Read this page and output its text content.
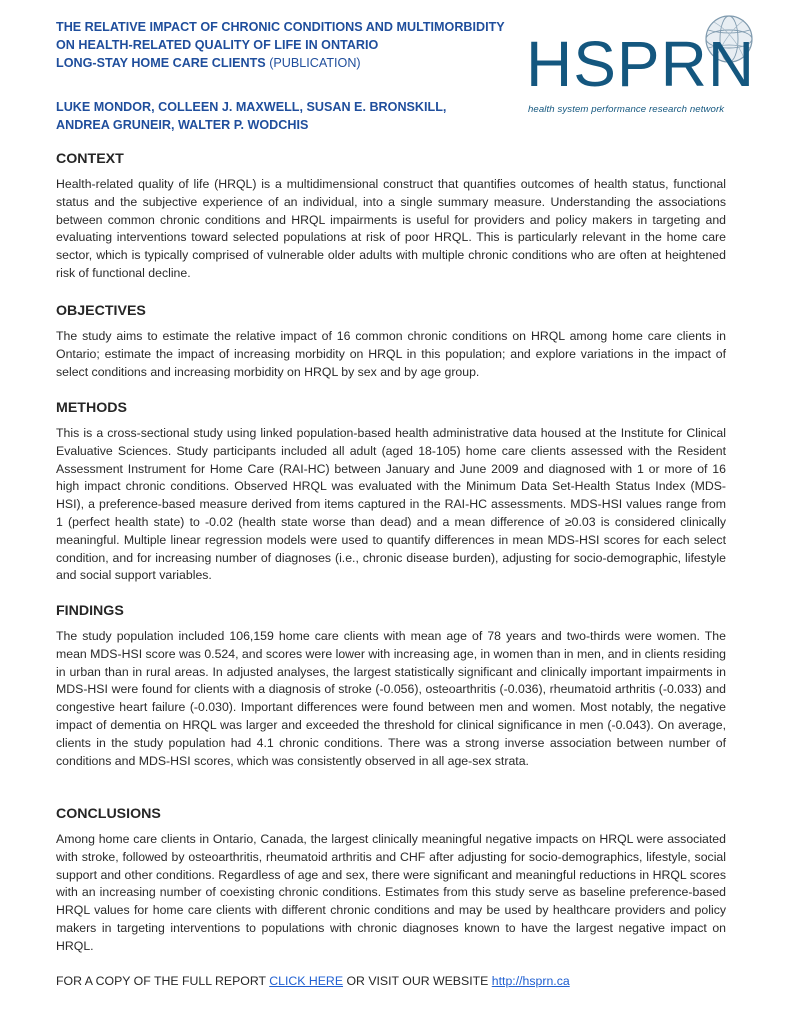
THE RELATIVE IMPACT OF CHRONIC CONDITIONS AND MULTIMORBIDITY
ON HEALTH-RELATED QUALITY OF LIFE IN ONTARIO
LONG-STAY HOME CARE CLIENTS (PUBLICATION)
LUKE MONDOR, COLLEEN J. MAXWELL, SUSAN E. BRONSKILL,
ANDREA GRUNEIR, WALTER P. WODCHIS
HSPRN
health system performance research network
CONTEXT

Health-related quality of life (HRQL) is a multidimensional construct that quantifies outcomes of health status, functional status and the subjective experience of an individual, into a single summary measure. Understanding the associations between common chronic conditions and HRQL impairments is useful for providers and policy makers in targeting and evaluating interventions toward selected populations at risk of poor HRQL. This is particularly relevant in the home care sector, which is typically comprised of vulnerable older adults with multiple chronic conditions who are often at heightened risk of functional decline.

OBJECTIVES

The study aims to estimate the relative impact of 16 common chronic conditions on HRQL among home care clients in Ontario; estimate the impact of increasing morbidity on HRQL in this population; and explore variations in the impact of select conditions and increasing morbidity on HRQL by sex and by age group.

METHODS

This is a cross-sectional study using linked population-based health administrative data housed at the Institute for Clinical Evaluative Sciences. Study participants included all adult (aged 18-105) home care clients assessed with the Resident Assessment Instrument for Home Care (RAI-HC) between January and June 2009 and diagnosed with 1 or more of 16 high impact chronic conditions. Observed HRQL was evaluated with the Minimum Data Set-Health Status Index (MDS-HSI), a preference-based measure derived from items captured in the RAI-HC assessments. MDS-HSI values range from 1 (perfect health state) to -0.02 (health state worse than dead) and a mean difference of ≥0.03 is considered clinically meaningful. Multiple linear regression models were used to quantify differences in mean MDS-HSI scores for each select condition, and for increasing number of diagnoses (i.e., chronic disease burden), adjusting for socio-demographic, lifestyle and social support variables.

FINDINGS

The study population included 106,159 home care clients with mean age of 78 years and two-thirds were women. The mean MDS-HSI score was 0.524, and scores were lower with increasing age, in women than in men, and in clients residing in urban than in rural areas. In adjusted analyses, the largest statistically significant and clinically important impairments in MDS-HSI were found for clients with a diagnosis of stroke (-0.056), osteoarthritis (-0.036), rheumatoid arthritis (-0.033) and congestive heart failure (-0.030). Important differences were found between men and women. Most notably, the negative impact of dementia on HRQL was larger and exceeded the threshold for clinical significance in men (-0.043). On average, clients in the study population had 4.1 chronic conditions. There was a strong inverse association between number of conditions and MDS-HSI scores, which was consistently observed in all age-sex strata.

CONCLUSIONS

Among home care clients in Ontario, Canada, the largest clinically meaningful negative impacts on HRQL were associated with stroke, followed by osteoarthritis, rheumatoid arthritis and CHF after adjusting for socio-demographics, lifestyle, social support and other conditions. Regardless of age and sex, there were significant and meaningful reductions in HRQL scores with an increasing number of coexisting chronic conditions. Estimates from this study serve as baseline preference-based HRQL values for home care clients with different chronic conditions and may be used by healthcare providers and policy makers in targeting interventions to populations with chronic diagnoses known to have the largest negative impact on HRQL.

FOR A COPY OF THE FULL REPORT CLICK HERE OR VISIT OUR WEBSITE http://hsprn.ca
